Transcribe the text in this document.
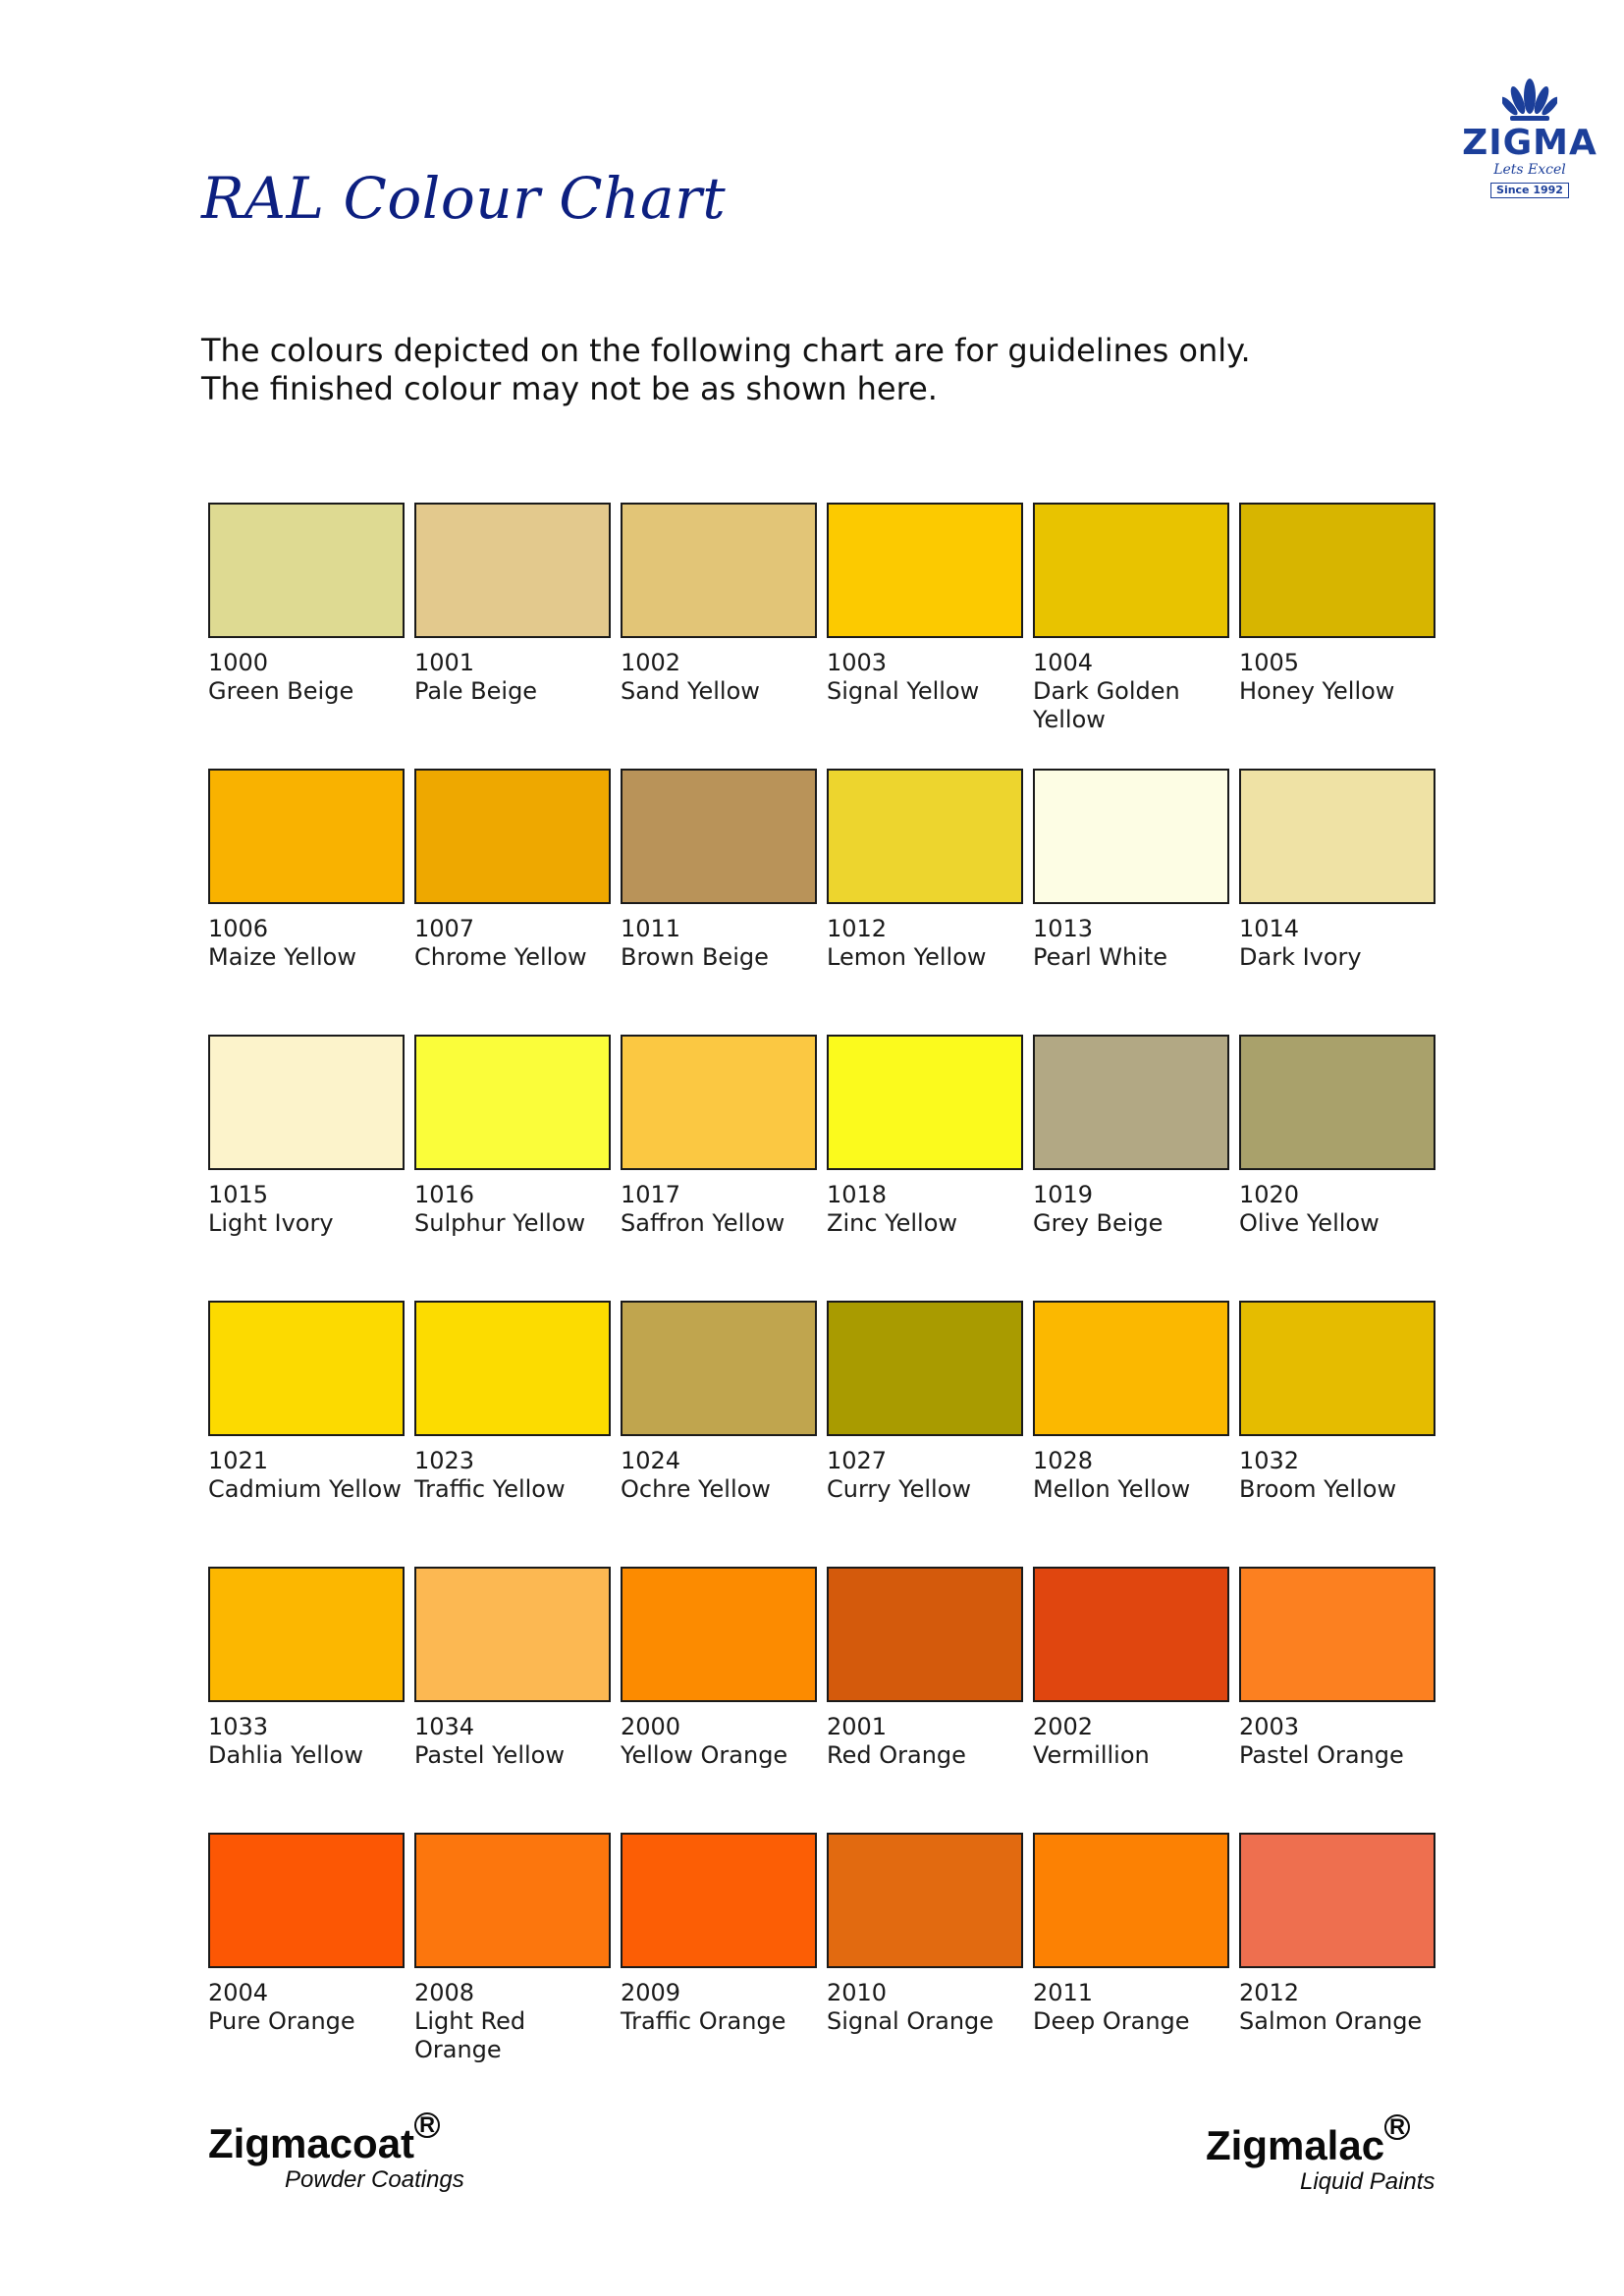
RAL Colour Chart
ZIGMA
Lets Excel
Since 1992
The colours depicted on the following chart are for guidelines only.
The finished colour may not be as shown here.
1000
Green Beige
1001
Pale Beige
1002
Sand Yellow
1003
Signal Yellow
1004
Dark Golden Yellow
1005
Honey Yellow
1006
Maize Yellow
1007
Chrome Yellow
1011
Brown Beige
1012
Lemon Yellow
1013
Pearl White
1014
Dark Ivory
1015
Light Ivory
1016
Sulphur Yellow
1017
Saffron Yellow
1018
Zinc Yellow
1019
Grey Beige
1020
Olive Yellow
1021
Cadmium Yellow
1023
Traffic Yellow
1024
Ochre Yellow
1027
Curry Yellow
1028
Mellon Yellow
1032
Broom Yellow
1033
Dahlia Yellow
1034
Pastel Yellow
2000
Yellow Orange
2001
Red Orange
2002
Vermillion
2003
Pastel Orange
2004
Pure Orange
2008
Light Red Orange
2009
Traffic Orange
2010
Signal Orange
2011
Deep Orange
2012
Salmon Orange
Zigmacoat R
Powder Coatings
Zigmalac R
Liquid Paints
